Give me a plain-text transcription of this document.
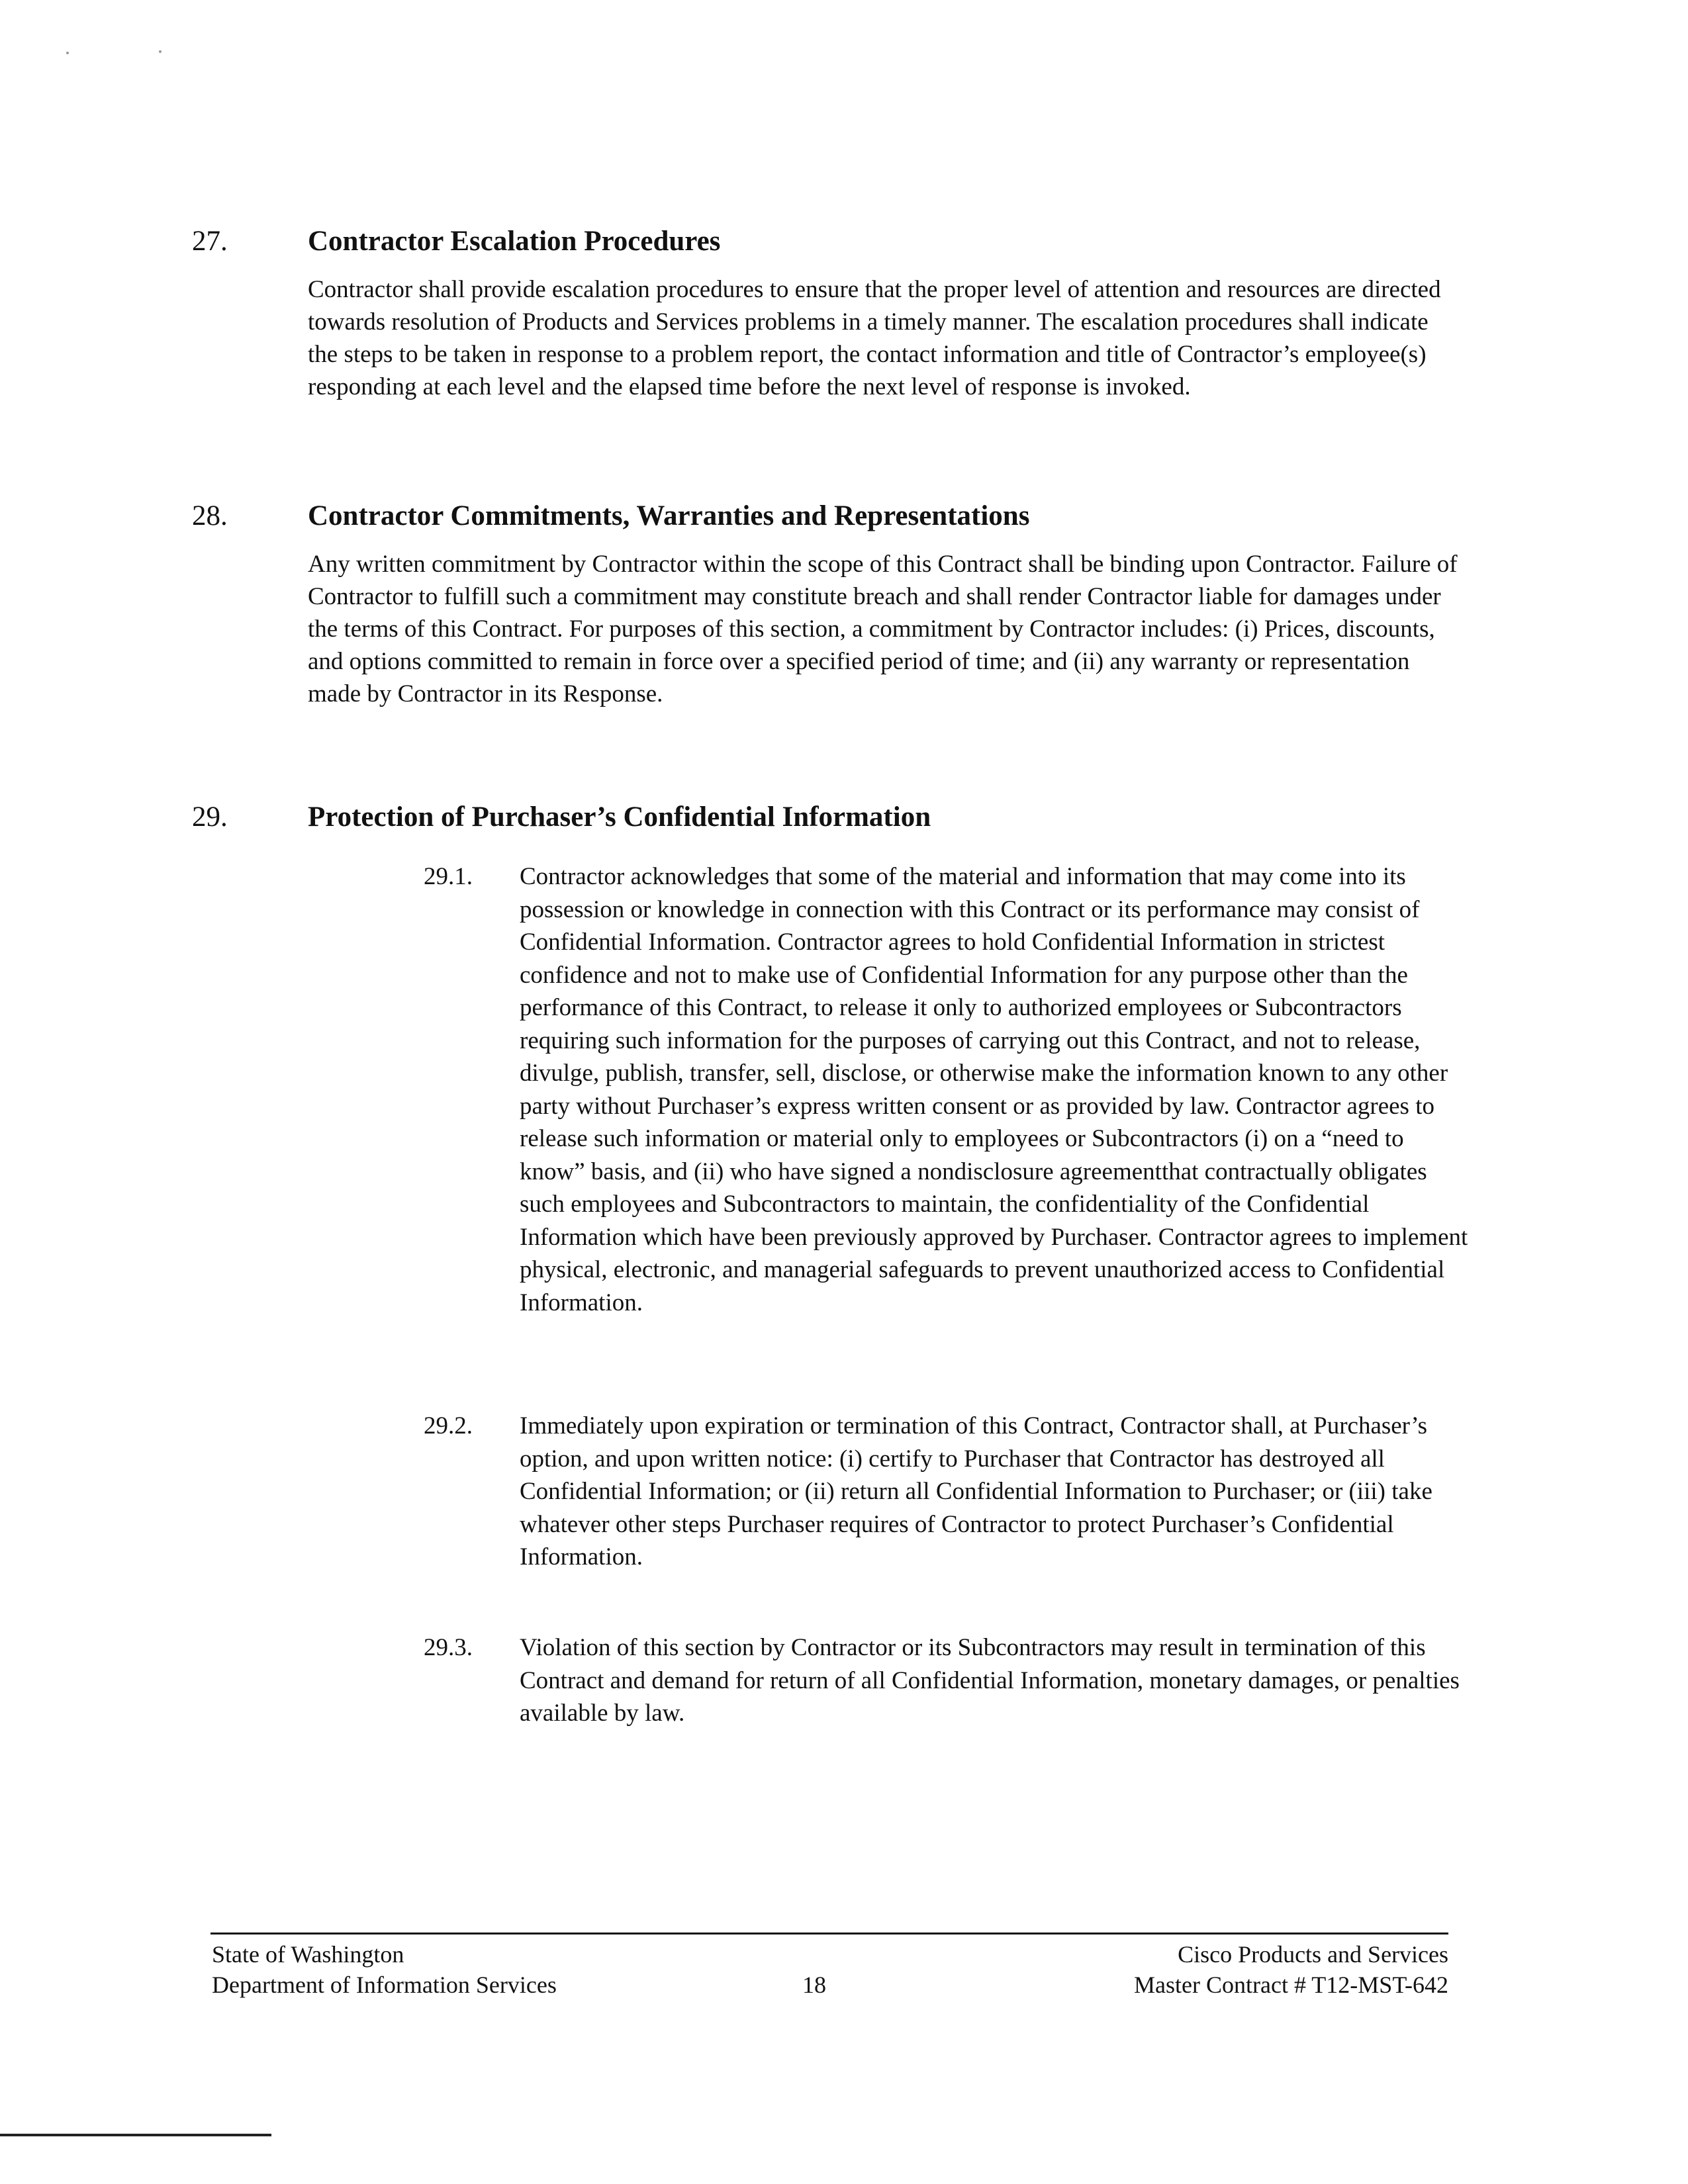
27.	Contractor Escalation Procedures
Contractor shall provide escalation procedures to ensure that the proper level of attention and resources are directed towards resolution of Products and Services problems in a timely manner. The escalation procedures shall indicate the steps to be taken in response to a problem report, the contact information and title of Contractor’s employee(s) responding at each level and the elapsed time before the next level of response is invoked.
28.	Contractor Commitments, Warranties and Representations
Any written commitment by Contractor within the scope of this Contract shall be binding upon Contractor. Failure of Contractor to fulfill such a commitment may constitute breach and shall render Contractor liable for damages under the terms of this Contract. For purposes of this section, a commitment by Contractor includes: (i) Prices, discounts, and options committed to remain in force over a specified period of time; and (ii) any warranty or representation made by Contractor in its Response.
29.	Protection of Purchaser’s Confidential Information
29.1. Contractor acknowledges that some of the material and information that may come into its possession or knowledge in connection with this Contract or its performance may consist of Confidential Information. Contractor agrees to hold Confidential Information in strictest confidence and not to make use of Confidential Information for any purpose other than the performance of this Contract, to release it only to authorized employees or Subcontractors requiring such information for the purposes of carrying out this Contract, and not to release, divulge, publish, transfer, sell, disclose, or otherwise make the information known to any other party without Purchaser’s express written consent or as provided by law. Contractor agrees to release such information or material only to employees or Subcontractors (i) on a “need to know” basis, and (ii) who have signed a nondisclosure agreementthat contractually obligates such employees and Subcontractors to maintain, the confidentiality of the Confidential Information which have been previously approved by Purchaser. Contractor agrees to implement physical, electronic, and managerial safeguards to prevent unauthorized access to Confidential Information.
29.2. Immediately upon expiration or termination of this Contract, Contractor shall, at Purchaser’s option, and upon written notice: (i) certify to Purchaser that Contractor has destroyed all Confidential Information; or (ii) return all Confidential Information to Purchaser; or (iii) take whatever other steps Purchaser requires of Contractor to protect Purchaser’s Confidential Information.
29.3. Violation of this section by Contractor or its Subcontractors may result in termination of this Contract and demand for return of all Confidential Information, monetary damages, or penalties available by law.
State of Washington
Department of Information Services	18
Cisco Products and Services
Master Contract # T12-MST-642
